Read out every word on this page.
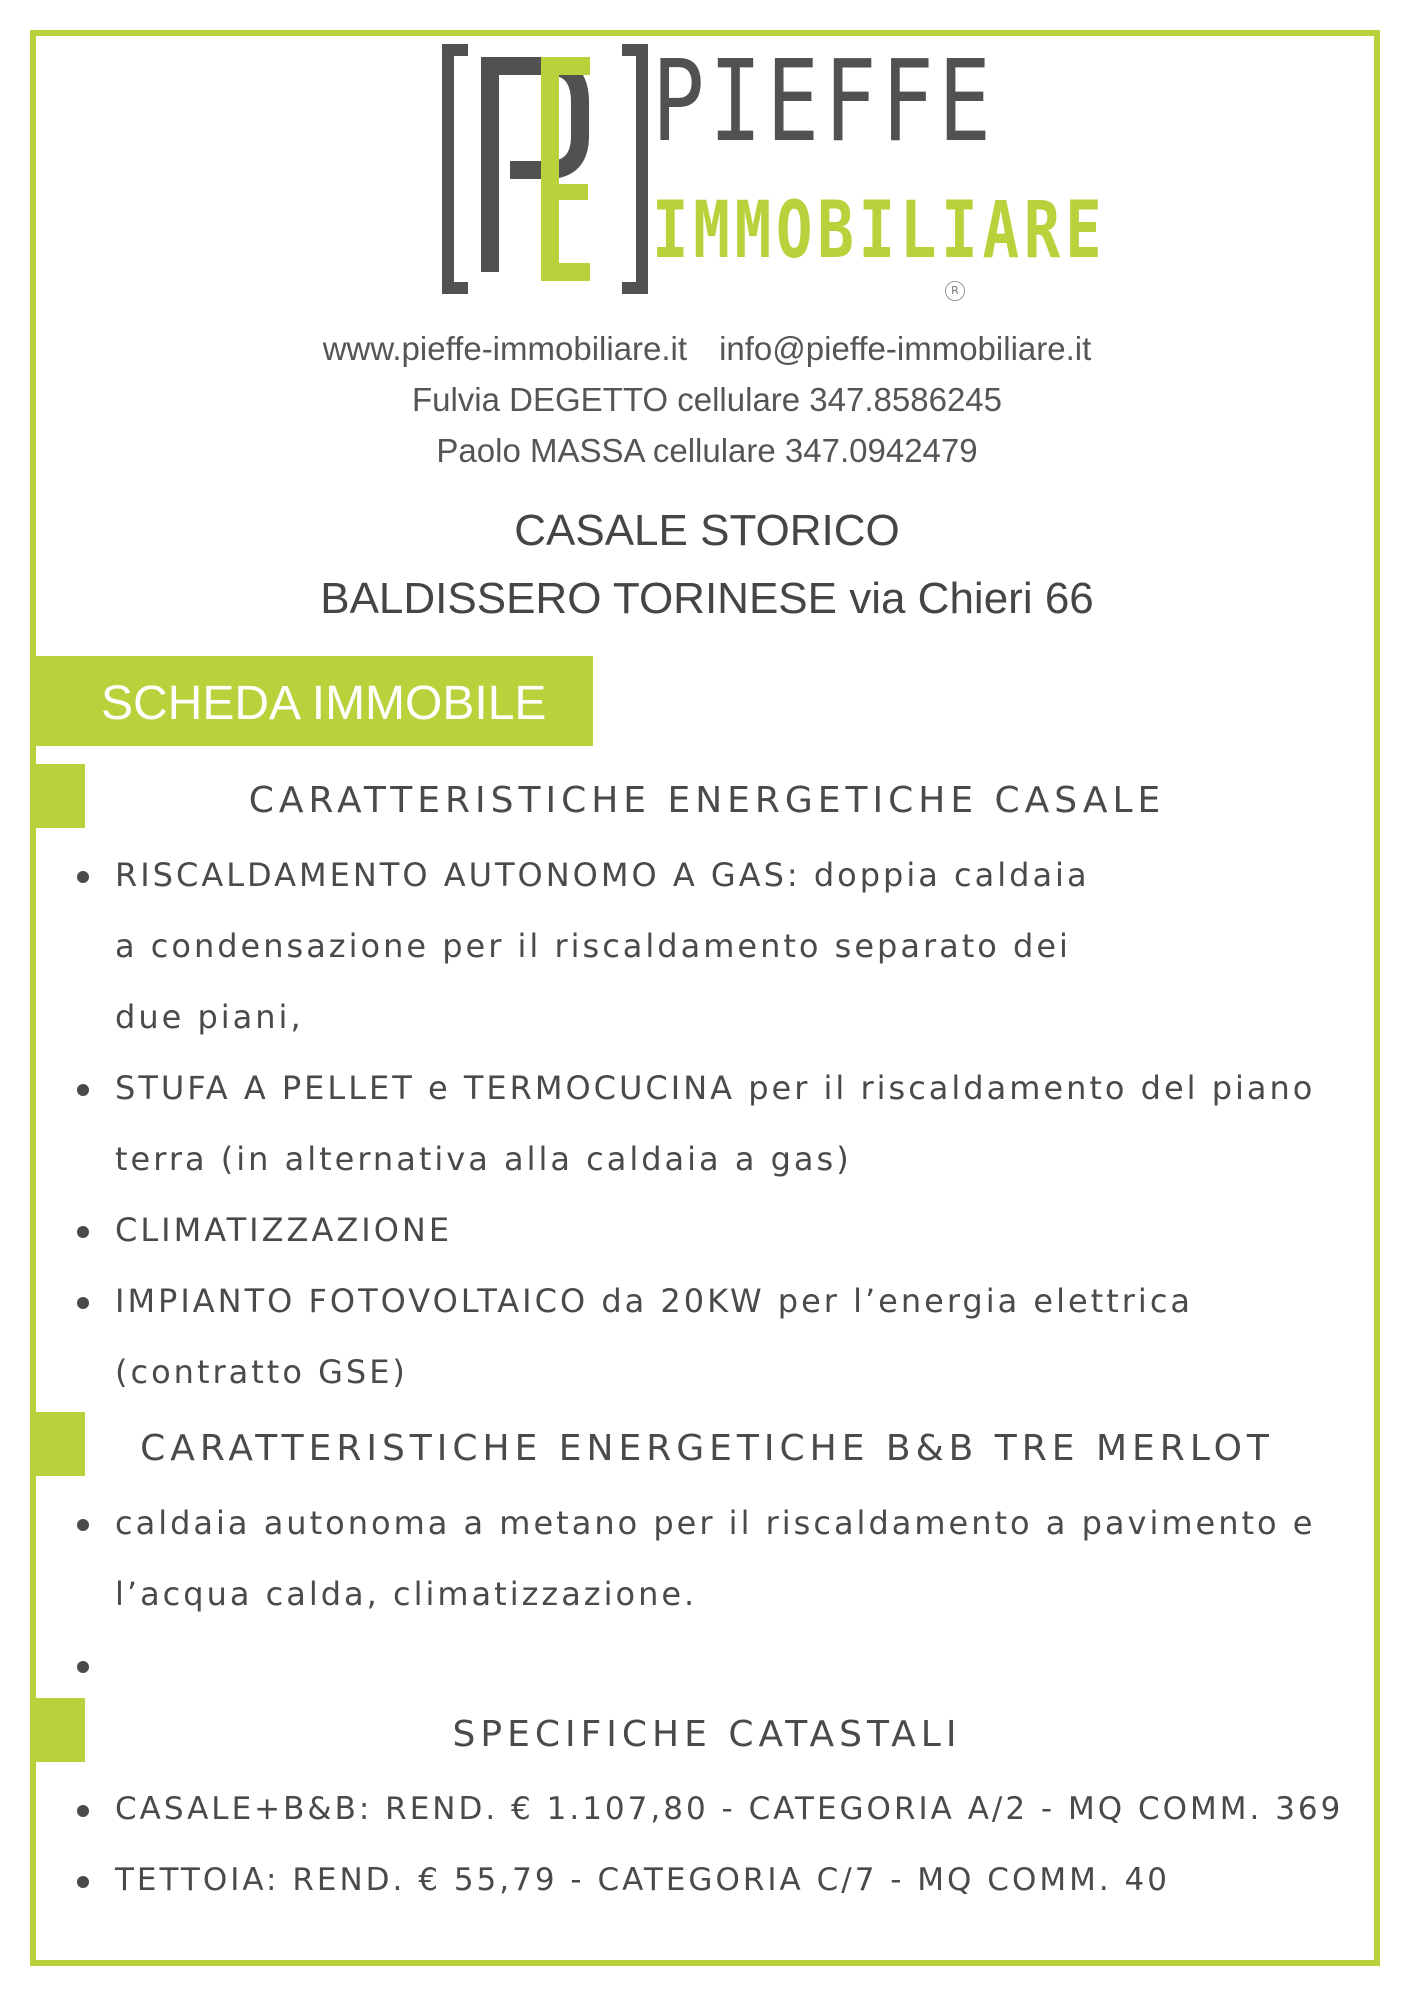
PIEFFE
IMMOBILIARE
R
www.pieffe-immobiliare.it info@pieffe-immobiliare.it
Fulvia DEGETTO cellulare 347.8586245
Paolo MASSA cellulare 347.0942479
CASALE STORICO
BALDISSERO TORINESE via Chieri 66
SCHEDA IMMOBILE
CARATTERISTICHE ENERGETICHE CASALE
RISCALDAMENTO AUTONOMO A GAS: doppia caldaia a condensazione per il riscaldamento separato dei due piani,
STUFA A PELLET e TERMOCUCINA per il riscaldamento del piano terra (in alternativa alla caldaia a gas)
CLIMATIZZAZIONE
IMPIANTO FOTOVOLTAICO da 20KW per l’energia elettrica (contratto GSE)
CARATTERISTICHE ENERGETICHE B&B TRE MERLOT
caldaia autonoma a metano per il riscaldamento a pavimento e l’acqua calda, climatizzazione.
SPECIFICHE CATASTALI
CASALE+B&B: REND. € 1.107,80 - CATEGORIA A/2 - MQ COMM. 369
TETTOIA: REND. € 55,79 - CATEGORIA C/7 - MQ COMM. 40
